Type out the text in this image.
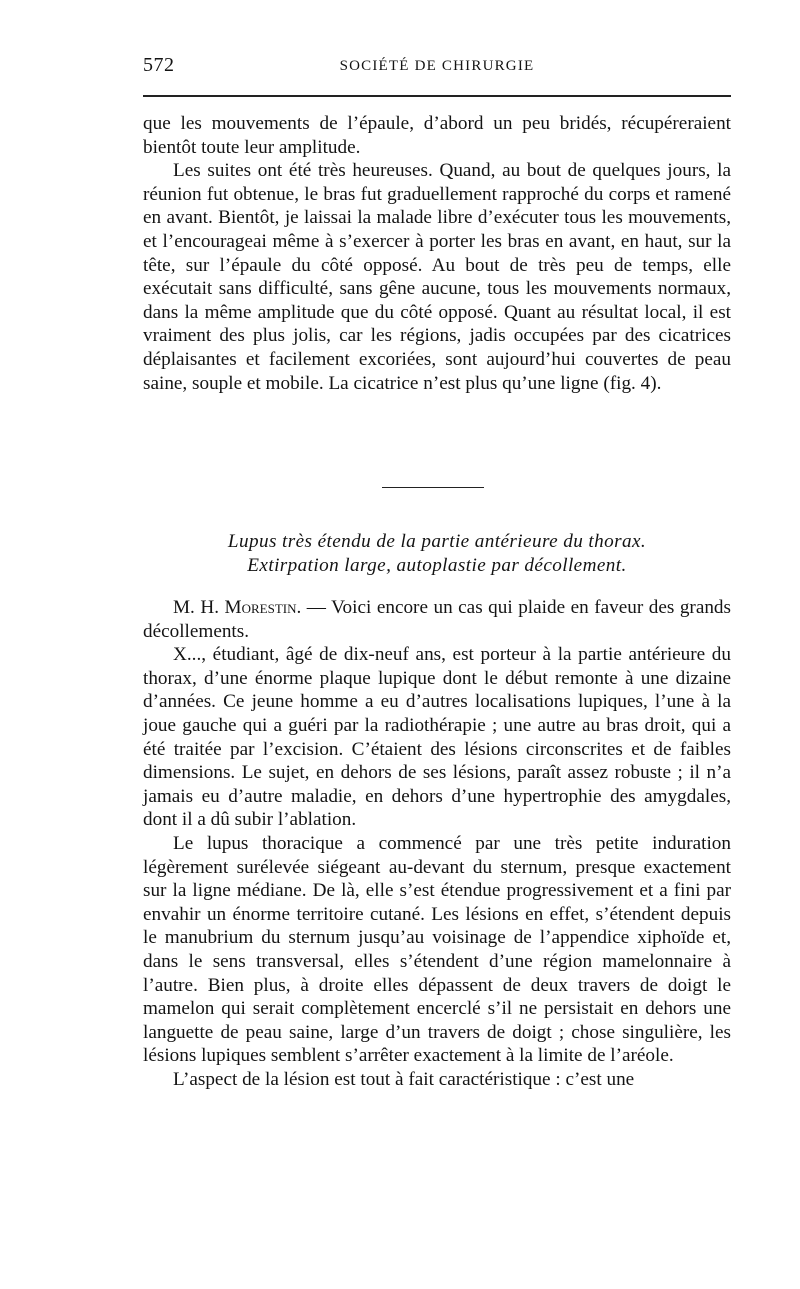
572	SOCIÉTÉ DE CHIRURGIE

que les mouvements de l’épaule, d’abord un peu bridés, récupéreraient bientôt toute leur amplitude.

Les suites ont été très heureuses. Quand, au bout de quelques jours, la réunion fut obtenue, le bras fut graduellement rapproché du corps et ramené en avant. Bientôt, je laissai la malade libre d’exécuter tous les mouvements, et l’encourageai même à s’exercer à porter les bras en avant, en haut, sur la tête, sur l’épaule du côté opposé. Au bout de très peu de temps, elle exécutait sans difficulté, sans gêne aucune, tous les mouvements normaux, dans la même amplitude que du côté opposé. Quant au résultat local, il est vraiment des plus jolis, car les régions, jadis occupées par des cicatrices déplaisantes et facilement excoriées, sont aujourd’hui couvertes de peau saine, souple et mobile. La cicatrice n’est plus qu’une ligne (fig. 4).

Lupus très étendu de la partie antérieure du thorax.
Extirpation large, autoplastie par décollement.

M. H. Morestin. — Voici encore un cas qui plaide en faveur des grands décollements.

X..., étudiant, âgé de dix-neuf ans, est porteur à la partie antérieure du thorax, d’une énorme plaque lupique dont le début remonte à une dizaine d’années. Ce jeune homme a eu d’autres localisations lupiques, l’une à la joue gauche qui a guéri par la radiothérapie ; une autre au bras droit, qui a été traitée par l’excision. C’étaient des lésions circonscrites et de faibles dimensions. Le sujet, en dehors de ses lésions, paraît assez robuste ; il n’a jamais eu d’autre maladie, en dehors d’une hypertrophie des amygdales, dont il a dû subir l’ablation.

Le lupus thoracique a commencé par une très petite induration légèrement surélevée siégeant au-devant du sternum, presque exactement sur la ligne médiane. De là, elle s’est étendue progressivement et a fini par envahir un énorme territoire cutané. Les lésions en effet, s’étendent depuis le manubrium du sternum jusqu’au voisinage de l’appendice xiphoïde et, dans le sens transversal, elles s’étendent d’une région mamelonnaire à l’autre. Bien plus, à droite elles dépassent de deux travers de doigt le mamelon qui serait complètement encerclé s’il ne persistait en dehors une languette de peau saine, large d’un travers de doigt ; chose singulière, les lésions lupiques semblent s’arrêter exactement à la limite de l’aréole.

L’aspect de la lésion est tout à fait caractéristique : c’est une
